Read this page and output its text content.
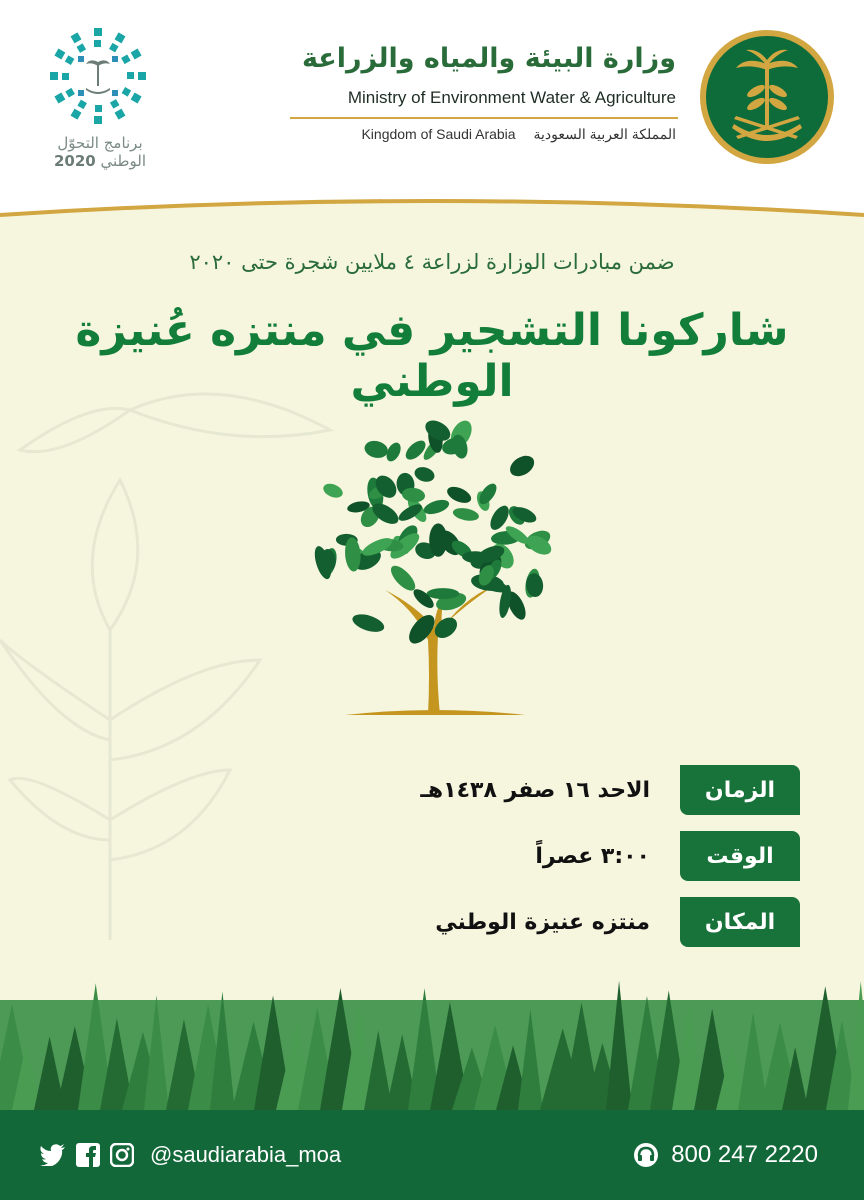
وزارة البيئة والمياه والزراعة
Ministry of Environment Water & Agriculture
Kingdom of Saudi Arabia المملكة العربية السعودية
برنامج التحوّل
الوطني 2020
ضمن مبادرات الوزارة لزراعة ٤ ملايين شجرة حتى ٢٠٢٠
شاركونا التشجير في منتزه عُنيزة الوطني
الزمان
الاحد ١٦ صفر ١٤٣٨هـ
الوقت
٣:٠٠ عصراً
المكان
منتزه عنيزة الوطني
@saudiarabia_moa	800 247 2220
